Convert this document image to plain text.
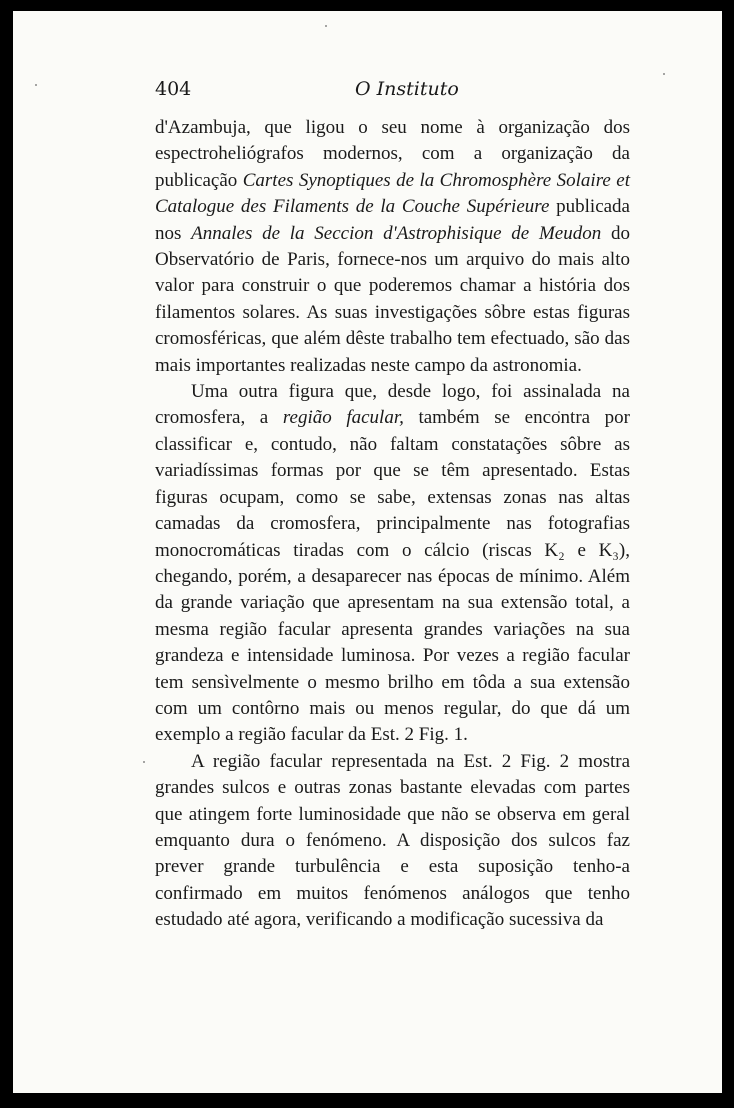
404	O Instituto

d'Azambuja, que ligou o seu nome à organização dos espectroheliógrafos modernos, com a organização da publicação Cartes Synoptiques de la Chromosphère Solaire et Catalogue des Filaments de la Couche Supérieure publicada nos Annales de la Seccion d'Astrophisique de Meudon do Observatório de Paris, fornece-nos um arquivo do mais alto valor para construir o que poderemos chamar a história dos filamentos solares. As suas investigações sôbre estas figuras cromosféricas, que além dêste trabalho tem efectuado, são das mais importantes realizadas neste campo da astronomia.

Uma outra figura que, desde logo, foi assinalada na cromosfera, a região facular, também se encontra por classificar e, contudo, não faltam constatações sôbre as variadíssimas formas por que se têm apresentado. Estas figuras ocupam, como se sabe, extensas zonas nas altas camadas da cromosfera, principalmente nas fotografias monocromáticas tiradas com o cálcio (riscas K₂ e K₃), chegando, porém, a desaparecer nas épocas de mínimo. Além da grande variação que apresentam na sua extensão total, a mesma região facular apresenta grandes variações na sua grandeza e intensidade luminosa. Por vezes a região facular tem sensìvelmente o mesmo brilho em tôda a sua extensão com um contôrno mais ou menos regular, do que dá um exemplo a região facular da Est. 2 Fig. 1.

A região facular representada na Est. 2 Fig. 2 mostra grandes sulcos e outras zonas bastante elevadas com partes que atingem forte luminosidade que não se observa em geral emquanto dura o fenómeno. A disposição dos sulcos faz prever grande turbulência e esta suposição tenho-a confirmado em muitos fenómenos análogos que tenho estudado até agora, verificando a modificação sucessiva da
